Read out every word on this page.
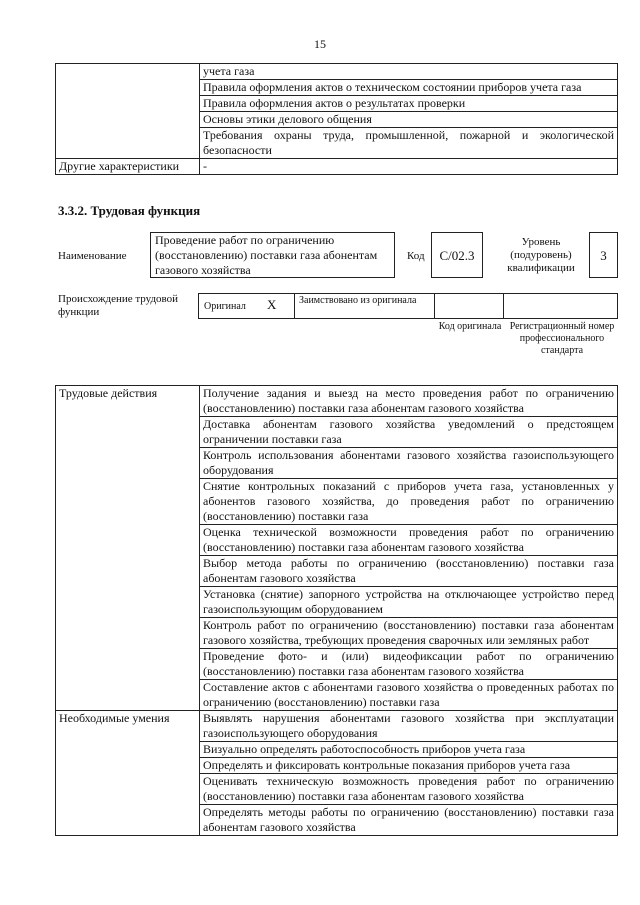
15
	учета газа
	Правила оформления актов о техническом состоянии приборов учета газа
	Правила оформления актов о результатах проверки
	Основы этики делового общения
	Требования охраны труда, промышленной, пожарной и экологической безопасности
Другие характеристики	-
3.3.2. Трудовая функция
Наименование
Проведение работ по ограничению (восстановлению) поставки газа абонентам газового хозяйства
Код	С/02.3
Уровень (подуровень) квалификации
3
Происхождение трудовой функции	Оригинал X	Заимствовано из оригинала
Код оригинала Регистрационный номер профессионального стандарта
Трудовые действия	Получение задания и выезд на место проведения работ по ограничению (восстановлению) поставки газа абонентам газового хозяйства
	Доставка абонентам газового хозяйства уведомлений о предстоящем ограничении поставки газа
	Контроль использования абонентами газового хозяйства газоиспользующего оборудования
	Снятие контрольных показаний с приборов учета газа, установленных у абонентов газового хозяйства, до проведения работ по ограничению (восстановлению) поставки газа
	Оценка технической возможности проведения работ по ограничению (восстановлению) поставки газа абонентам газового хозяйства
	Выбор метода работы по ограничению (восстановлению) поставки газа абонентам газового хозяйства
	Установка (снятие) запорного устройства на отключающее устройство перед газоиспользующим оборудованием
	Контроль работ по ограничению (восстановлению) поставки газа абонентам газового хозяйства, требующих проведения сварочных или земляных работ
	Проведение фото- и (или) видеофиксации работ по ограничению (восстановлению) поставки газа абонентам газового хозяйства
	Составление актов с абонентами газового хозяйства о проведенных работах по ограничению (восстановлению) поставки газа
Необходимые умения	Выявлять нарушения абонентами газового хозяйства при эксплуатации газоиспользующего оборудования
	Визуально определять работоспособность приборов учета газа
	Определять и фиксировать контрольные показания приборов учета газа
	Оценивать техническую возможность проведения работ по ограничению (восстановлению) поставки газа абонентам газового хозяйства
	Определять методы работы по ограничению (восстановлению) поставки газа абонентам газового хозяйства
